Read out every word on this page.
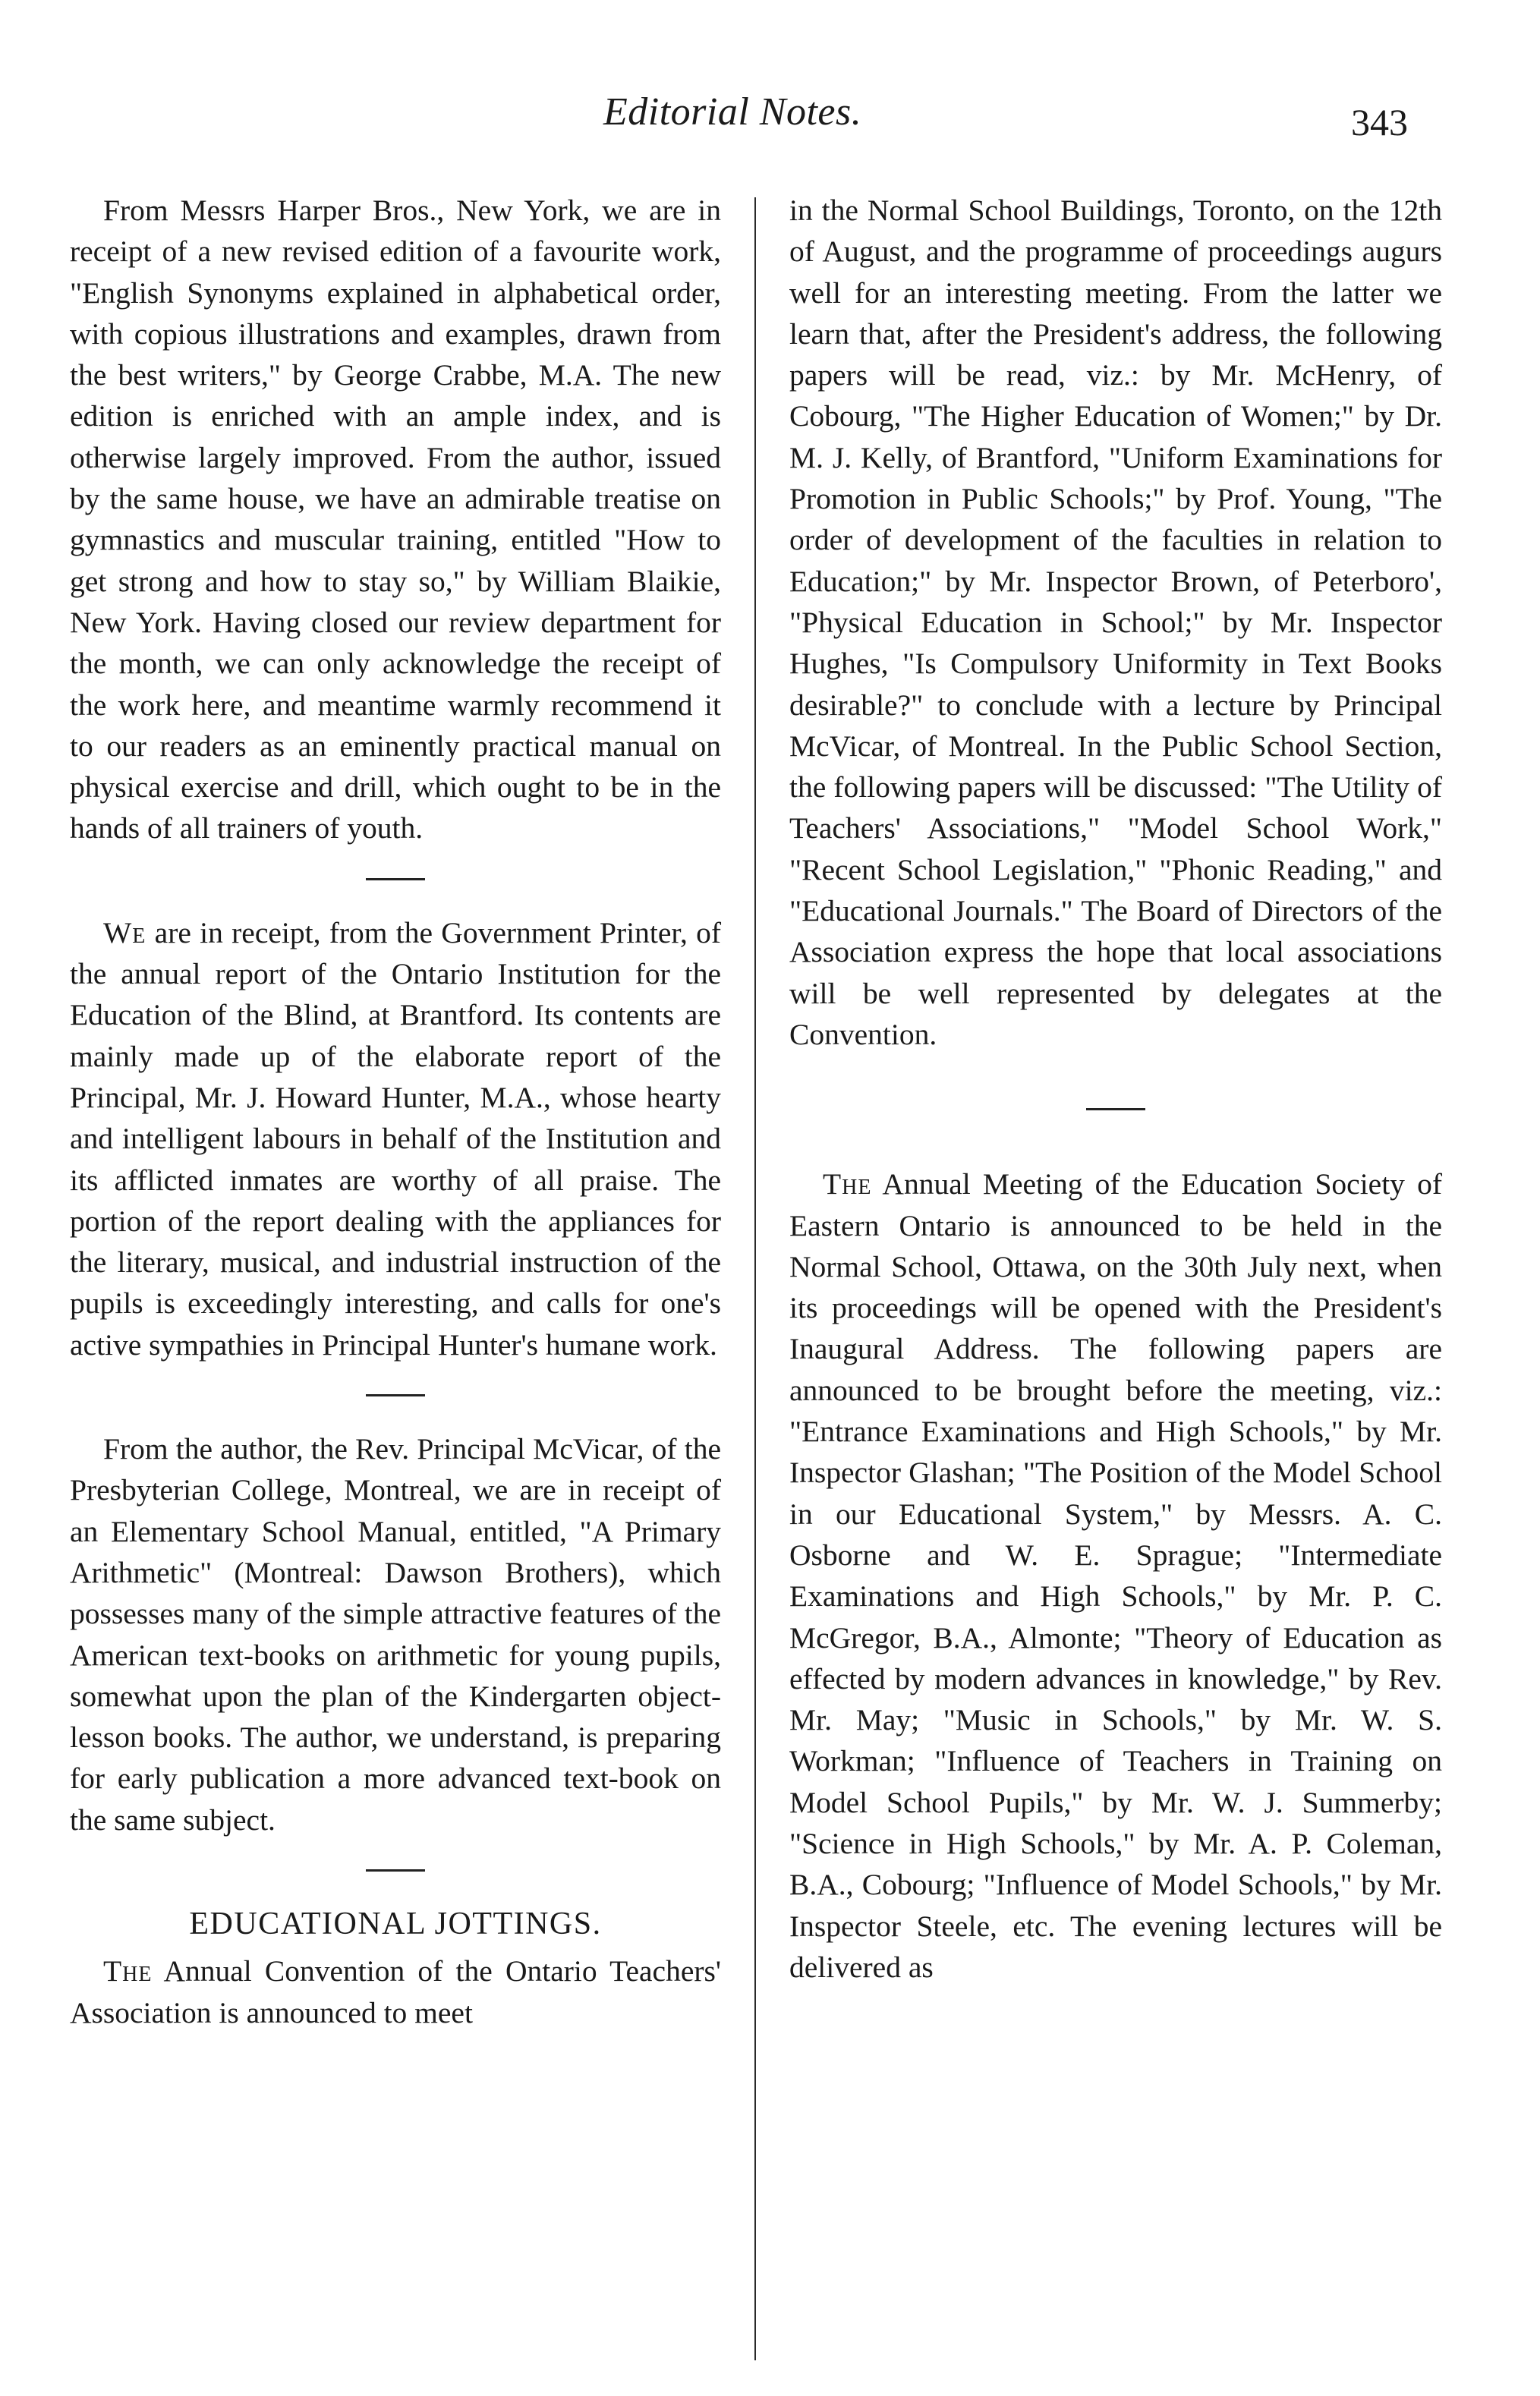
Editorial Notes.	343

From Messrs Harper Bros., New York, we are in receipt of a new revised edition of a favourite work, "English Synonyms explained in alphabetical order, with copious illustrations and examples, drawn from the best writers," by George Crabbe, M.A. The new edition is enriched with an ample index, and is otherwise largely improved. From the author, issued by the same house, we have an admirable treatise on gymnastics and muscular training, entitled "How to get strong and how to stay so," by William Blaikie, New York. Having closed our review department for the month, we can only acknowledge the receipt of the work here, and meantime warmly recommend it to our readers as an eminently practical manual on physical exercise and drill, which ought to be in the hands of all trainers of youth.

We are in receipt, from the Government Printer, of the annual report of the Ontario Institution for the Education of the Blind, at Brantford. Its contents are mainly made up of the elaborate report of the Principal, Mr. J. Howard Hunter, M.A., whose hearty and intelligent labours in behalf of the Institution and its afflicted inmates are worthy of all praise. The portion of the report dealing with the appliances for the literary, musical, and industrial instruction of the pupils is exceedingly interesting, and calls for one's active sympathies in Principal Hunter's humane work.

From the author, the Rev. Principal McVicar, of the Presbyterian College, Montreal, we are in receipt of an Elementary School Manual, entitled, "A Primary Arithmetic" (Montreal: Dawson Brothers), which possesses many of the simple attractive features of the American text-books on arithmetic for young pupils, somewhat upon the plan of the Kindergarten object-lesson books. The author, we understand, is preparing for early publication a more advanced text-book on the same subject.

EDUCATIONAL JOTTINGS.

The Annual Convention of the Ontario Teachers' Association is announced to meet

in the Normal School Buildings, Toronto, on the 12th of August, and the programme of proceedings augurs well for an interesting meeting. From the latter we learn that, after the President's address, the following papers will be read, viz.: by Mr. McHenry, of Cobourg, "The Higher Education of Women;" by Dr. M. J. Kelly, of Brantford, "Uniform Examinations for Promotion in Public Schools;" by Prof. Young, "The order of development of the faculties in relation to Education;" by Mr. Inspector Brown, of Peterboro', "Physical Education in School;" by Mr. Inspector Hughes, "Is Compulsory Uniformity in Text Books desirable?" to conclude with a lecture by Principal McVicar, of Montreal. In the Public School Section, the following papers will be discussed: "The Utility of Teachers' Associations," "Model School Work," "Recent School Legislation," "Phonic Reading," and "Educational Journals." The Board of Directors of the Association express the hope that local associations will be well represented by delegates at the Convention.

The Annual Meeting of the Education Society of Eastern Ontario is announced to be held in the Normal School, Ottawa, on the 30th July next, when its proceedings will be opened with the President's Inaugural Address. The following papers are announced to be brought before the meeting, viz.: "Entrance Examinations and High Schools," by Mr. Inspector Glashan; "The Position of the Model School in our Educational System," by Messrs. A. C. Osborne and W. E. Sprague; "Intermediate Examinations and High Schools," by Mr. P. C. McGregor, B.A., Almonte; "Theory of Education as effected by modern advances in knowledge," by Rev. Mr. May; "Music in Schools," by Mr. W. S. Workman; "Influence of Teachers in Training on Model School Pupils," by Mr. W. J. Summerby; "Science in High Schools," by Mr. A. P. Coleman, B.A., Cobourg; "Influence of Model Schools," by Mr. Inspector Steele, etc. The evening lectures will be delivered as
